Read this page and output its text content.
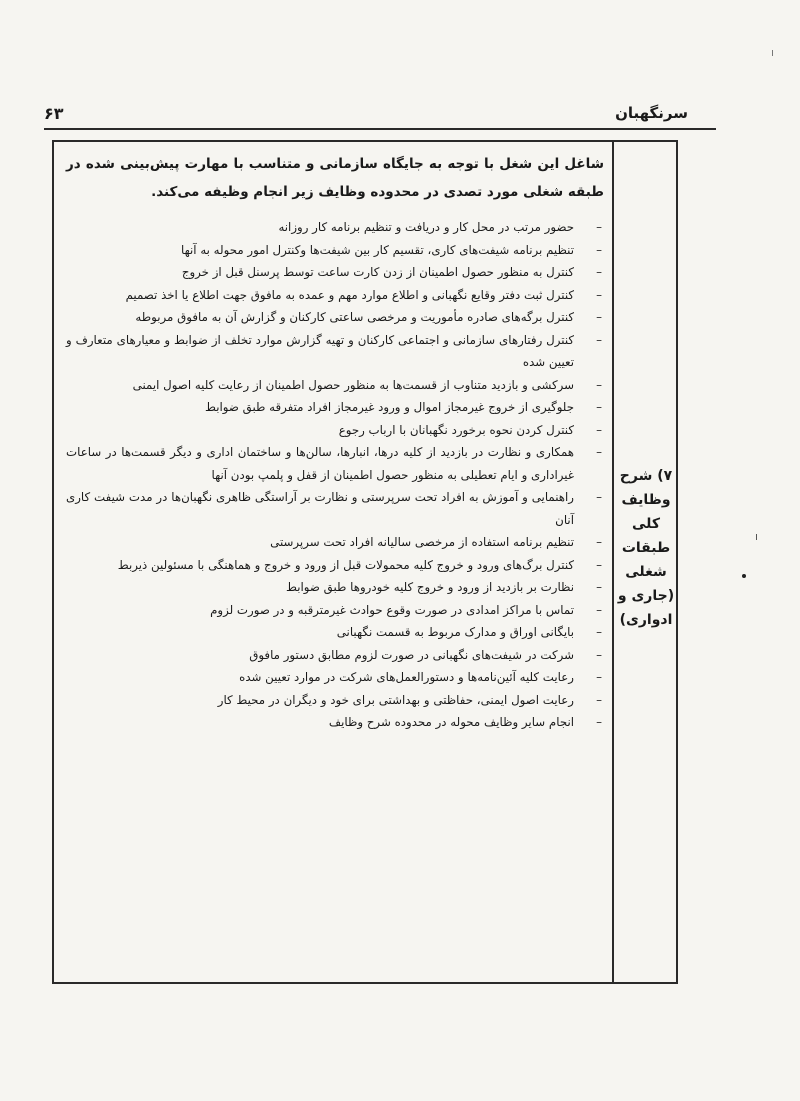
سرنگهبان
۶۳
۷) شرح
وظایف
کلی
طبقات
شغلی
(جاری و
ادواری)

شاغل این شغل با توجه به جایگاه سازمانی و متناسب با مهارت پیش‌بینی شده در طبقه شغلی مورد تصدی در محدوده وظایف زیر انجام وظیفه می‌کند.

–
حضور مرتب در محل کار و دریافت و تنظیم برنامه کار روزانه
–
تنظیم برنامه شیفت‌های کاری، تقسیم کار بین شیفت‌ها وکنترل امور محوله به آنها
–
کنترل به منظور حصول اطمینان از زدن کارت ساعت توسط پرسنل قبل از خروج
–
کنترل ثبت دفتر وقایع نگهبانی و اطلاع موارد مهم و عمده به مافوق جهت اطلاع یا اخذ تصمیم
–
کنترل برگه‌های صادره مأموریت و مرخصی ساعتی کارکنان و گزارش آن به مافوق مربوطه
–
کنترل رفتارهای سازمانی و اجتماعی کارکنان و تهیه گزارش موارد تخلف از ضوابط و معیارهای متعارف و تعیین شده
–
سرکشی و بازدید متناوب از قسمت‌ها به منظور حصول اطمینان از رعایت کلیه اصول ایمنی
–
جلوگیری از خروج غیرمجاز اموال و ورود غیرمجاز افراد متفرقه طبق ضوابط
–
کنترل کردن نحوه برخورد نگهبانان با ارباب رجوع
–
همکاری و نظارت در بازدید از کلیه درها، انبارها، سالن‌ها و ساختمان اداری و دیگر قسمت‌ها در ساعات غیراداری و ایام تعطیلی به منظور حصول اطمینان از قفل و پلمپ بودن آنها
–
راهنمایی و آموزش به افراد تحت سرپرستی و نظارت بر آراستگی ظاهری نگهبان‌ها در مدت شیفت کاری آنان
–
تنظیم برنامه استفاده از مرخصی سالیانه افراد تحت سرپرستی
–
کنترل برگ‌های ورود و خروج کلیه محمولات قبل از ورود و خروج و هماهنگی با مسئولین ذیربط
–
نظارت بر بازدید از ورود و خروج کلیه خودروها طبق ضوابط
–
تماس با مراکز امدادی در صورت وقوع حوادث غیرمترقبه و در صورت لزوم
–
بایگانی اوراق و مدارک مربوط به قسمت نگهبانی
–
شرکت در شیفت‌های نگهبانی در صورت لزوم مطابق دستور مافوق
–
رعایت کلیه آئین‌نامه‌ها و دستورالعمل‌های شرکت در موارد تعیین شده
–
رعایت اصول ایمنی، حفاظتی و بهداشتی برای خود و دیگران در محیط کار
–
انجام سایر وظایف محوله در محدوده شرح وظایف
